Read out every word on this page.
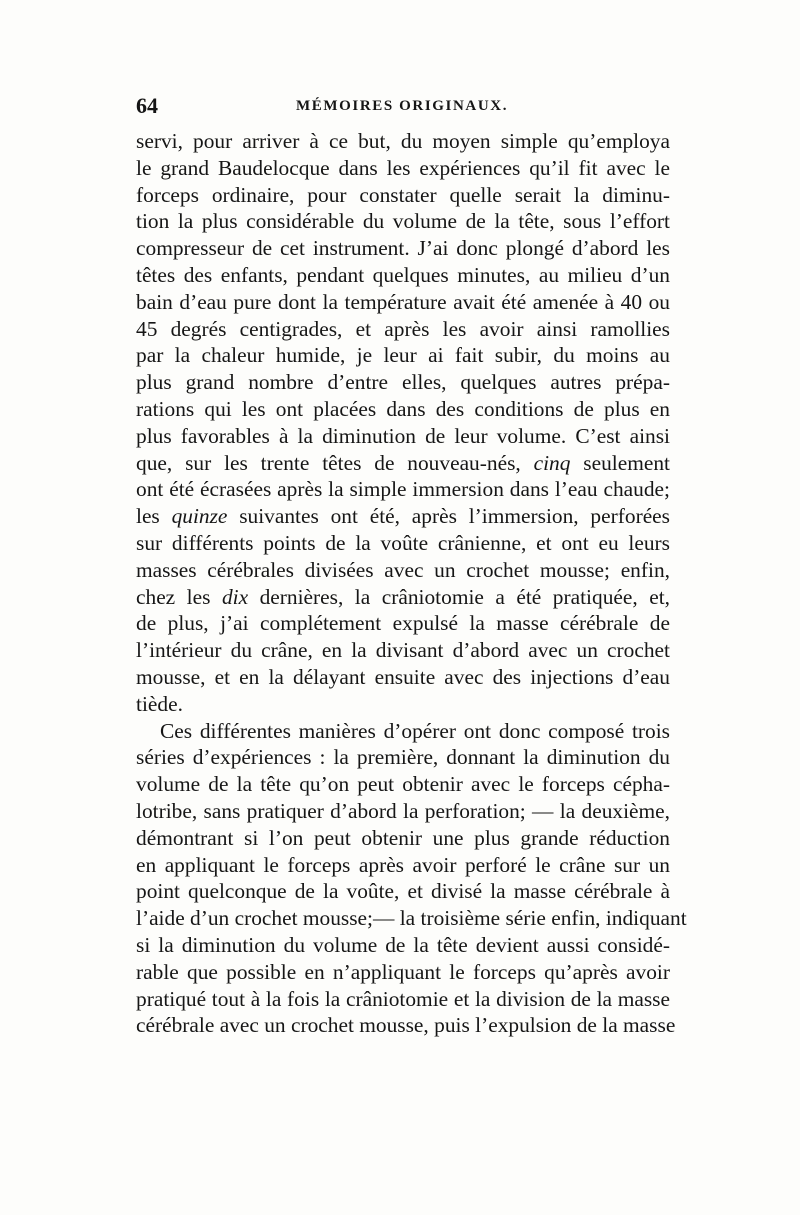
64	MÉMOIRES ORIGINAUX.
servi, pour arriver à ce but, du moyen simple qu’employa
le grand Baudelocque dans les expériences qu’il fit avec le
forceps ordinaire, pour constater quelle serait la diminu-
tion la plus considérable du volume de la tête, sous l’effort
compresseur de cet instrument. J’ai donc plongé d’abord les
têtes des enfants, pendant quelques minutes, au milieu d’un
bain d’eau pure dont la température avait été amenée à 40 ou
45 degrés centigrades, et après les avoir ainsi ramollies
par la chaleur humide, je leur ai fait subir, du moins au
plus grand nombre d’entre elles, quelques autres prépa-
rations qui les ont placées dans des conditions de plus en
plus favorables à la diminution de leur volume. C’est ainsi
que, sur les trente têtes de nouveau-nés, cinq seulement
ont été écrasées après la simple immersion dans l’eau chaude;
les quinze suivantes ont été, après l’immersion, perforées
sur différents points de la voûte crânienne, et ont eu leurs
masses cérébrales divisées avec un crochet mousse; enfin,
chez les dix dernières, la crâniotomie a été pratiquée, et,
de plus, j’ai complétement expulsé la masse cérébrale de
l’intérieur du crâne, en la divisant d’abord avec un crochet
mousse, et en la délayant ensuite avec des injections d’eau
tiède.
Ces différentes manières d’opérer ont donc composé trois
séries d’expériences : la première, donnant la diminution du
volume de la tête qu’on peut obtenir avec le forceps cépha-
lotribe, sans pratiquer d’abord la perforation; — la deuxième,
démontrant si l’on peut obtenir une plus grande réduction
en appliquant le forceps après avoir perforé le crâne sur un
point quelconque de la voûte, et divisé la masse cérébrale à
l’aide d’un crochet mousse;— la troisième série enfin, indiquant
si la diminution du volume de la tête devient aussi considé-
rable que possible en n’appliquant le forceps qu’après avoir
pratiqué tout à la fois la crâniotomie et la division de la masse
cérébrale avec un crochet mousse, puis l’expulsion de la masse
